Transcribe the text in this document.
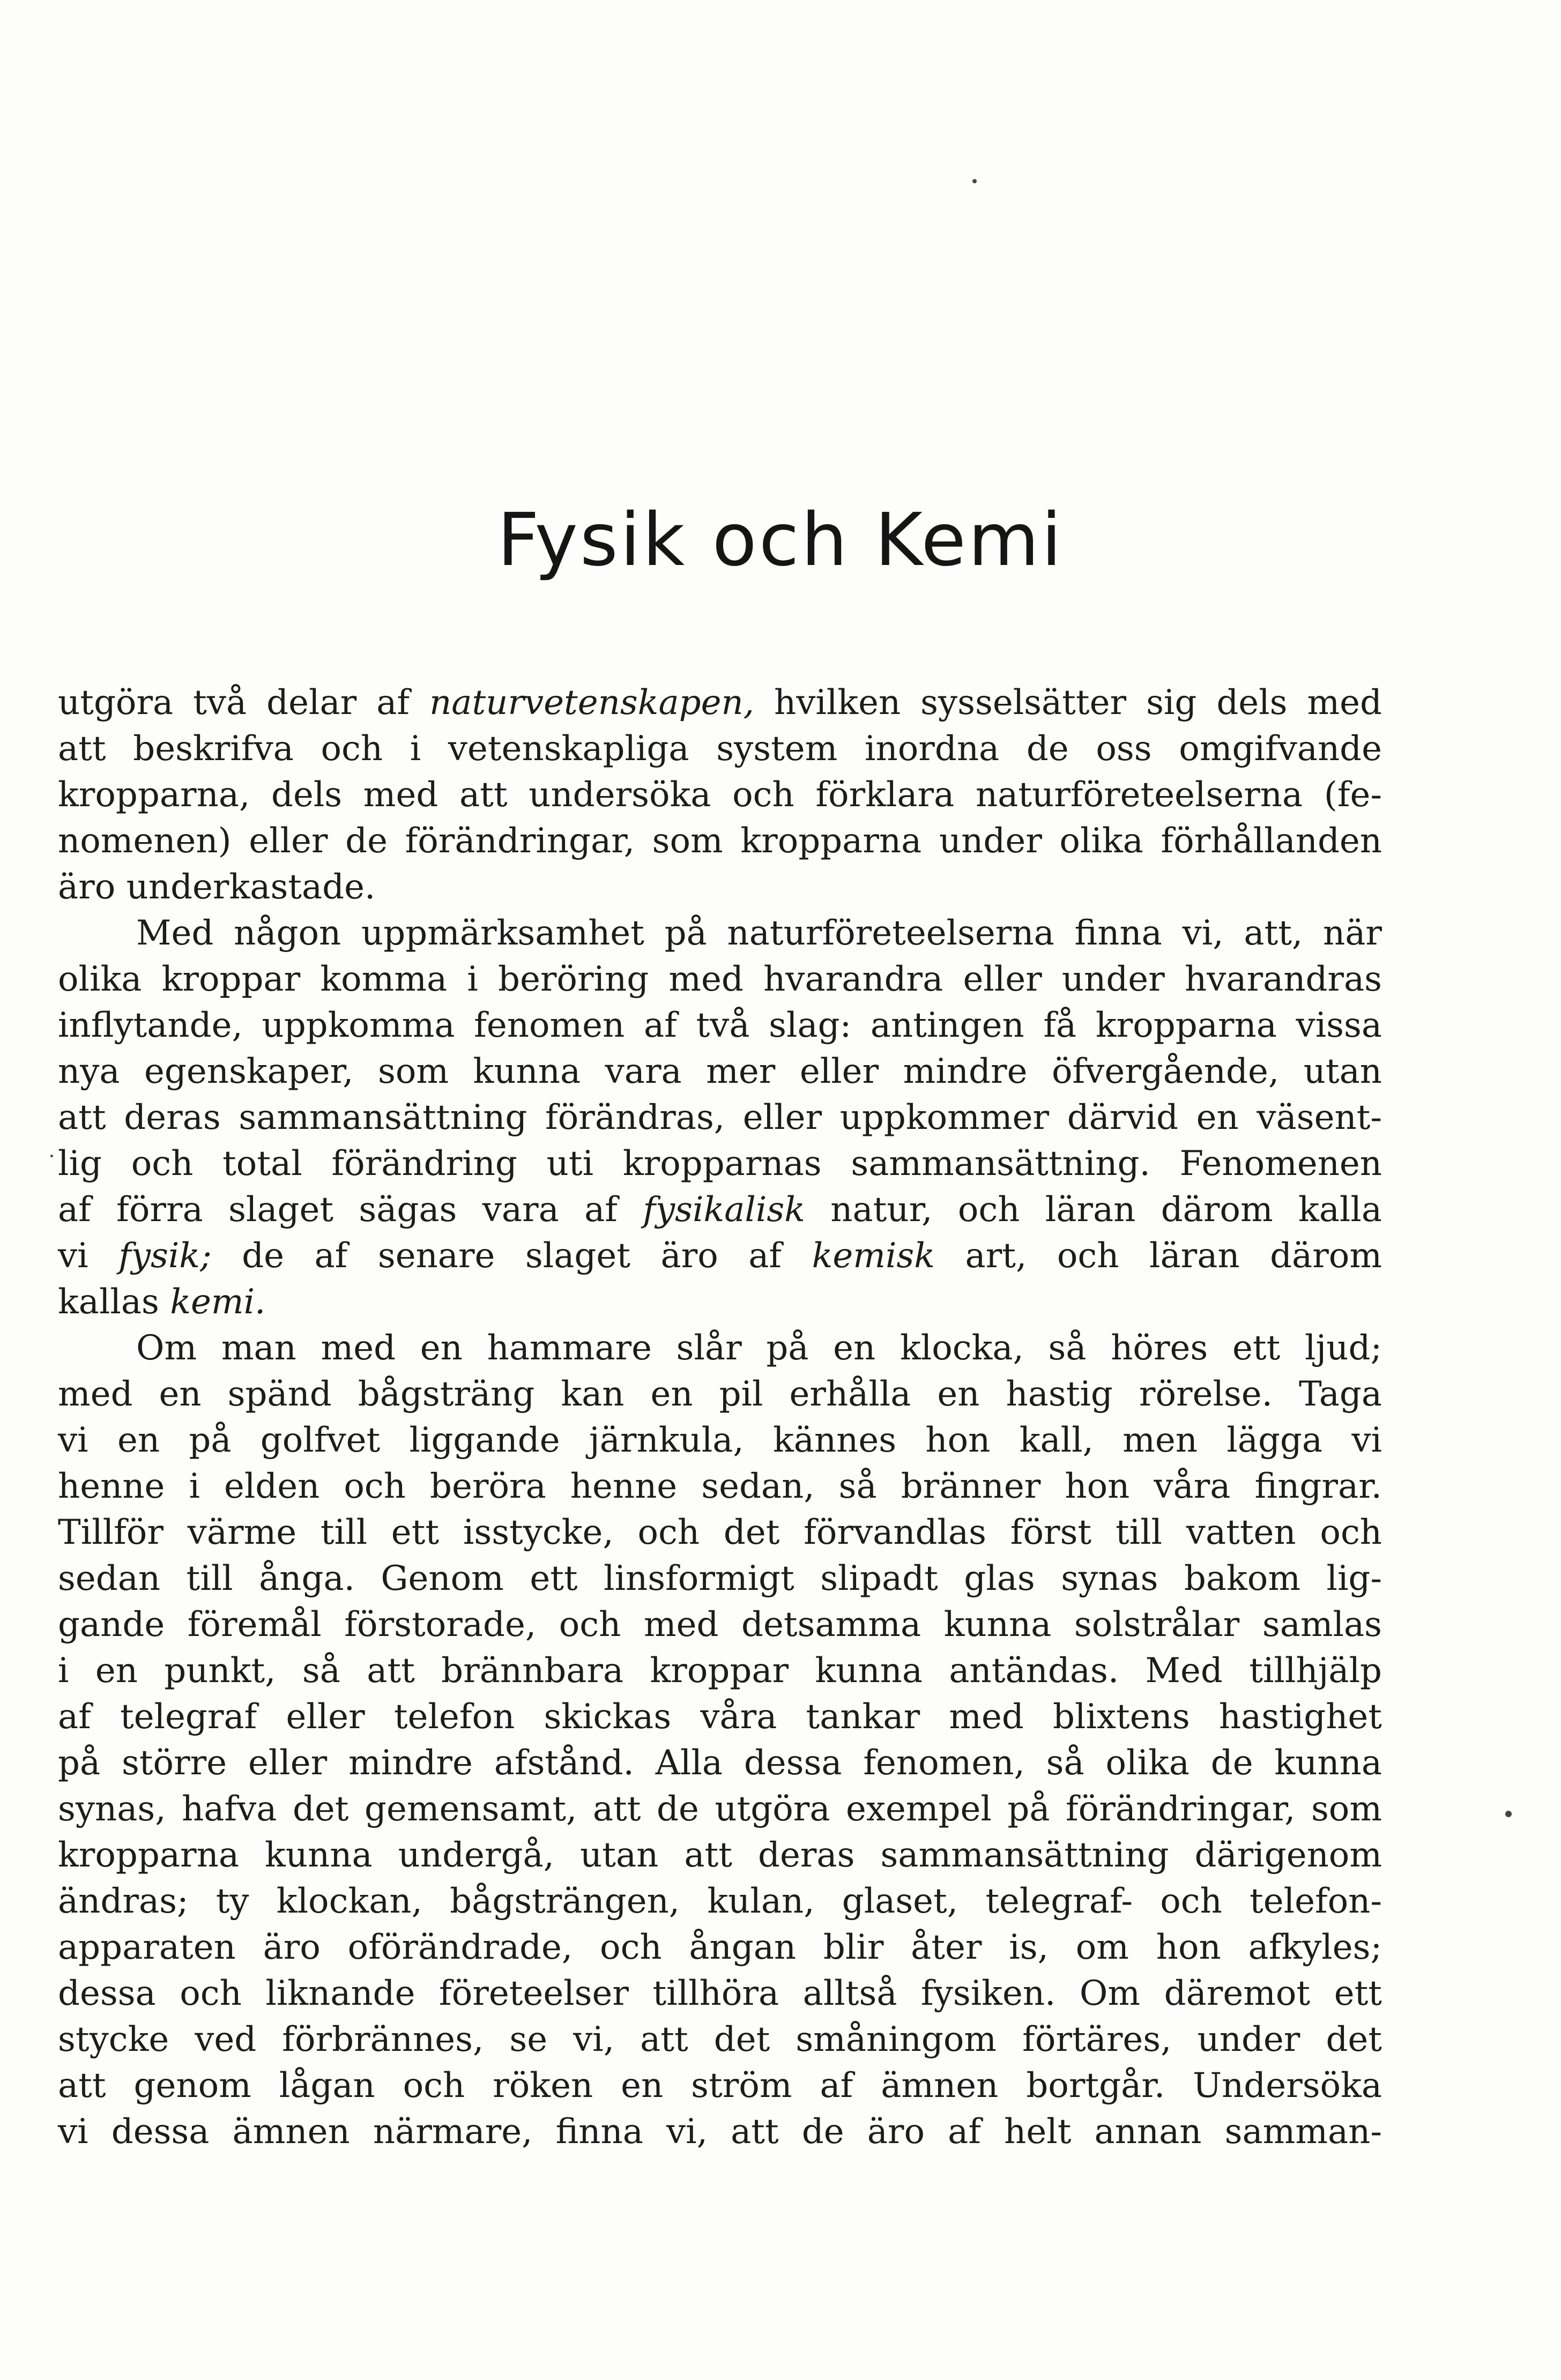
Fysik och Kemi
utgöra två delar af naturvetenskapen, hvilken sysselsätter sig dels med
att beskrifva och i vetenskapliga system inordna de oss omgifvande
kropparna, dels med att undersöka och förklara naturföreteelserna (fe-
nomenen) eller de förändringar, som kropparna under olika förhållanden
äro underkastade.
Med någon uppmärksamhet på naturföreteelserna finna vi, att, när
olika kroppar komma i beröring med hvarandra eller under hvarandras
inflytande, uppkomma fenomen af två slag: antingen få kropparna vissa
nya egenskaper, som kunna vara mer eller mindre öfvergående, utan
att deras sammansättning förändras, eller uppkommer därvid en väsent-
lig och total förändring uti kropparnas sammansättning. Fenomenen
af förra slaget sägas vara af fysikalisk natur, och läran därom kalla
vi fysik; de af senare slaget äro af kemisk art, och läran därom
kallas kemi.
Om man med en hammare slår på en klocka, så höres ett ljud;
med en spänd bågsträng kan en pil erhålla en hastig rörelse. Taga
vi en på golfvet liggande järnkula, kännes hon kall, men lägga vi
henne i elden och beröra henne sedan, så bränner hon våra fingrar.
Tillför värme till ett isstycke, och det förvandlas först till vatten och
sedan till ånga. Genom ett linsformigt slipadt glas synas bakom lig-
gande föremål förstorade, och med detsamma kunna solstrålar samlas
i en punkt, så att brännbara kroppar kunna antändas. Med tillhjälp
af telegraf eller telefon skickas våra tankar med blixtens hastighet
på större eller mindre afstånd. Alla dessa fenomen, så olika de kunna
synas, hafva det gemensamt, att de utgöra exempel på förändringar, som
kropparna kunna undergå, utan att deras sammansättning därigenom
ändras; ty klockan, bågsträngen, kulan, glaset, telegraf- och telefon-
apparaten äro oförändrade, och ångan blir åter is, om hon afkyles;
dessa och liknande företeelser tillhöra alltså fysiken. Om däremot ett
stycke ved förbrännes, se vi, att det småningom förtäres, under det
att genom lågan och röken en ström af ämnen bortgår. Undersöka
vi dessa ämnen närmare, finna vi, att de äro af helt annan samman-
